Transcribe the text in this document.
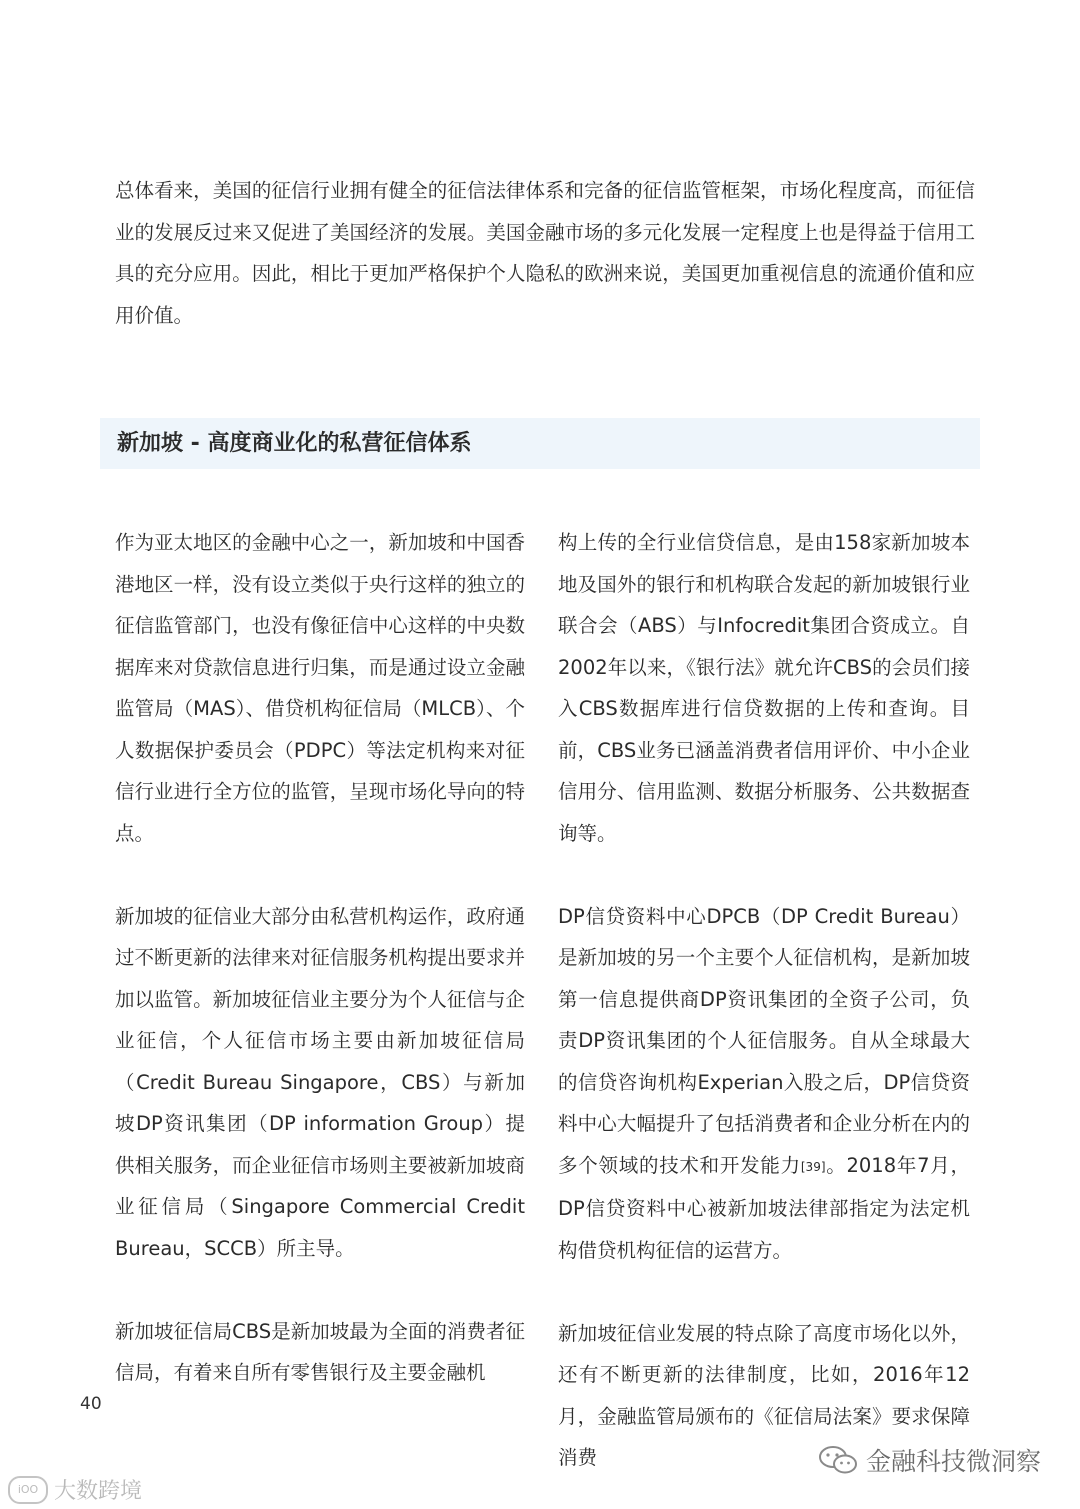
总体看来，美国的征信行业拥有健全的征信法律体系和完备的征信监管框架，市场化程度高，而征信业的发展反过来又促进了美国经济的发展。美国金融市场的多元化发展一定程度上也是得益于信用工具的充分应用。因此，相比于更加严格保护个人隐私的欧洲来说，美国更加重视信息的流通价值和应用价值。

新加坡 - 高度商业化的私营征信体系

作为亚太地区的金融中心之一，新加坡和中国香港地区一样，没有设立类似于央行这样的独立的征信监管部门，也没有像征信中心这样的中央数据库来对贷款信息进行归集，而是通过设立金融监管局（MAS）、借贷机构征信局（MLCB）、个人数据保护委员会（PDPC）等法定机构来对征信行业进行全方位的监管，呈现市场化导向的特点。

新加坡的征信业大部分由私营机构运作，政府通过不断更新的法律来对征信服务机构提出要求并加以监管。新加坡征信业主要分为个人征信与企业征信，个人征信市场主要由新加坡征信局（Credit Bureau Singapore，CBS）与新加坡DP资讯集团（DP information Group）提供相关服务，而企业征信市场则主要被新加坡商业征信局（Singapore Commercial Credit Bureau，SCCB）所主导。

新加坡征信局CBS是新加坡最为全面的消费者征信局，有着来自所有零售银行及主要金融机

构上传的全行业信贷信息，是由158家新加坡本地及国外的银行和机构联合发起的新加坡银行业联合会（ABS）与Infocredit集团合资成立。自2002年以来，《银行法》就允许CBS的会员们接入CBS数据库进行信贷数据的上传和查询。目前，CBS业务已涵盖消费者信用评价、中小企业信用分、信用监测、数据分析服务、公共数据查询等。

DP信贷资料中心DPCB（DP Credit Bureau）是新加坡的另一个主要个人征信机构，是新加坡第一信息提供商DP资讯集团的全资子公司，负责DP资讯集团的个人征信服务。自从全球最大的信贷咨询机构Experian入股之后，DP信贷资料中心大幅提升了包括消费者和企业分析在内的多个领域的技术和开发能力[39]。2018年7月，DP信贷资料中心被新加坡法律部指定为法定机构借贷机构征信的运营方。

新加坡征信业发展的特点除了高度市场化以外，还有不断更新的法律制度，比如，2016年12月，金融监管局颁布的《征信局法案》要求保障消费

40
iOO 大数跨境
金融科技微洞察
